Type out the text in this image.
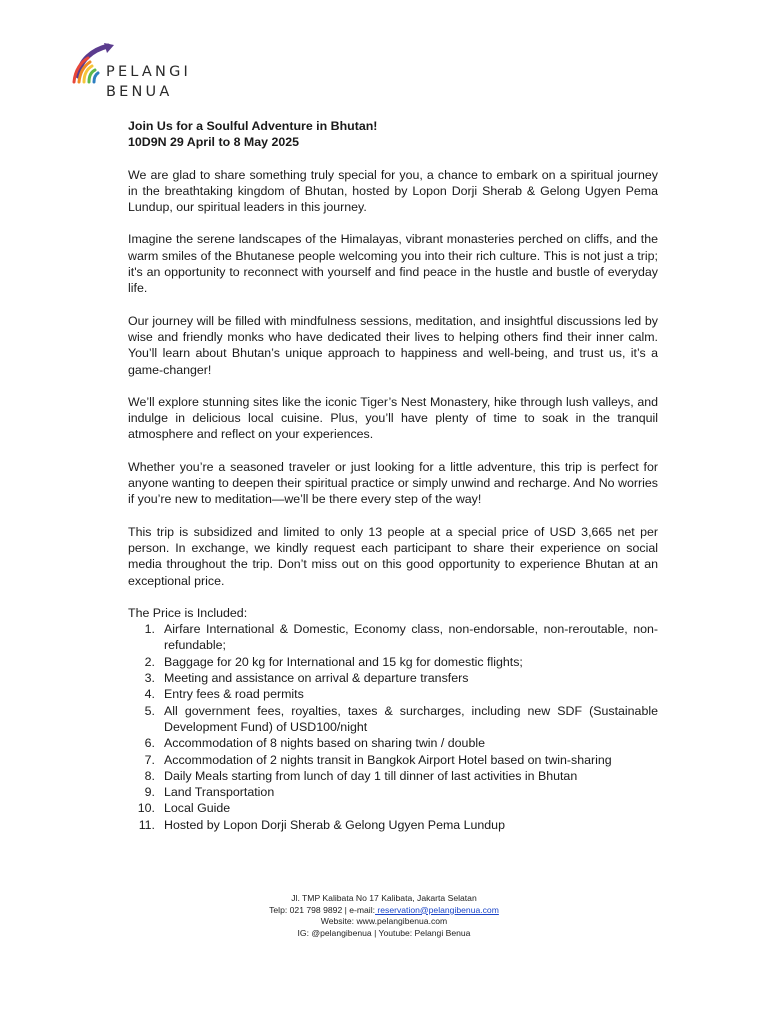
PELANGI
BENUA

Join Us for a Soulful Adventure in Bhutan!

10D9N 29 April to 8 May 2025

We are glad to share something truly special for you, a chance to embark on a spiritual journey in the breathtaking kingdom of Bhutan, hosted by Lopon Dorji Sherab & Gelong Ugyen Pema Lundup, our spiritual leaders in this journey.

Imagine the serene landscapes of the Himalayas, vibrant monasteries perched on cliffs, and the warm smiles of the Bhutanese people welcoming you into their rich culture. This is not just a trip; it's an opportunity to reconnect with yourself and find peace in the hustle and bustle of everyday life.

Our journey will be filled with mindfulness sessions, meditation, and insightful discussions led by wise and friendly monks who have dedicated their lives to helping others find their inner calm. You’ll learn about Bhutan’s unique approach to happiness and well-being, and trust us, it’s a game-changer!

We’ll explore stunning sites like the iconic Tiger’s Nest Monastery, hike through lush valleys, and indulge in delicious local cuisine. Plus, you’ll have plenty of time to soak in the tranquil atmosphere and reflect on your experiences.

Whether you’re a seasoned traveler or just looking for a little adventure, this trip is perfect for anyone wanting to deepen their spiritual practice or simply unwind and recharge. And No worries if you’re new to meditation—we’ll be there every step of the way!

This trip is subsidized and limited to only 13 people at a special price of USD 3,665 net per person. In exchange, we kindly request each participant to share their experience on social media throughout the trip. Don’t miss out on this good opportunity to experience Bhutan at an exceptional price.

The Price is Included:

1. Airfare International & Domestic, Economy class, non-endorsable, non-reroutable, non-refundable;
2. Baggage for 20 kg for International and 15 kg for domestic flights;
3. Meeting and assistance on arrival & departure transfers
4. Entry fees & road permits
5. All government fees, royalties, taxes & surcharges, including new SDF (Sustainable Development Fund) of USD100/night
6. Accommodation of 8 nights based on sharing twin / double
7. Accommodation of 2 nights transit in Bangkok Airport Hotel based on twin-sharing
8. Daily Meals starting from lunch of day 1 till dinner of last activities in Bhutan
9. Land Transportation
10. Local Guide
11. Hosted by Lopon Dorji Sherab & Gelong Ugyen Pema Lundup
Jl. TMP Kalibata No 17 Kalibata, Jakarta Selatan
Telp: 021 798 9892 | e-mail: reservation@pelangibenua.com
Website: www.pelangibenua.com
IG: @pelangibenua | Youtube: Pelangi Benua
